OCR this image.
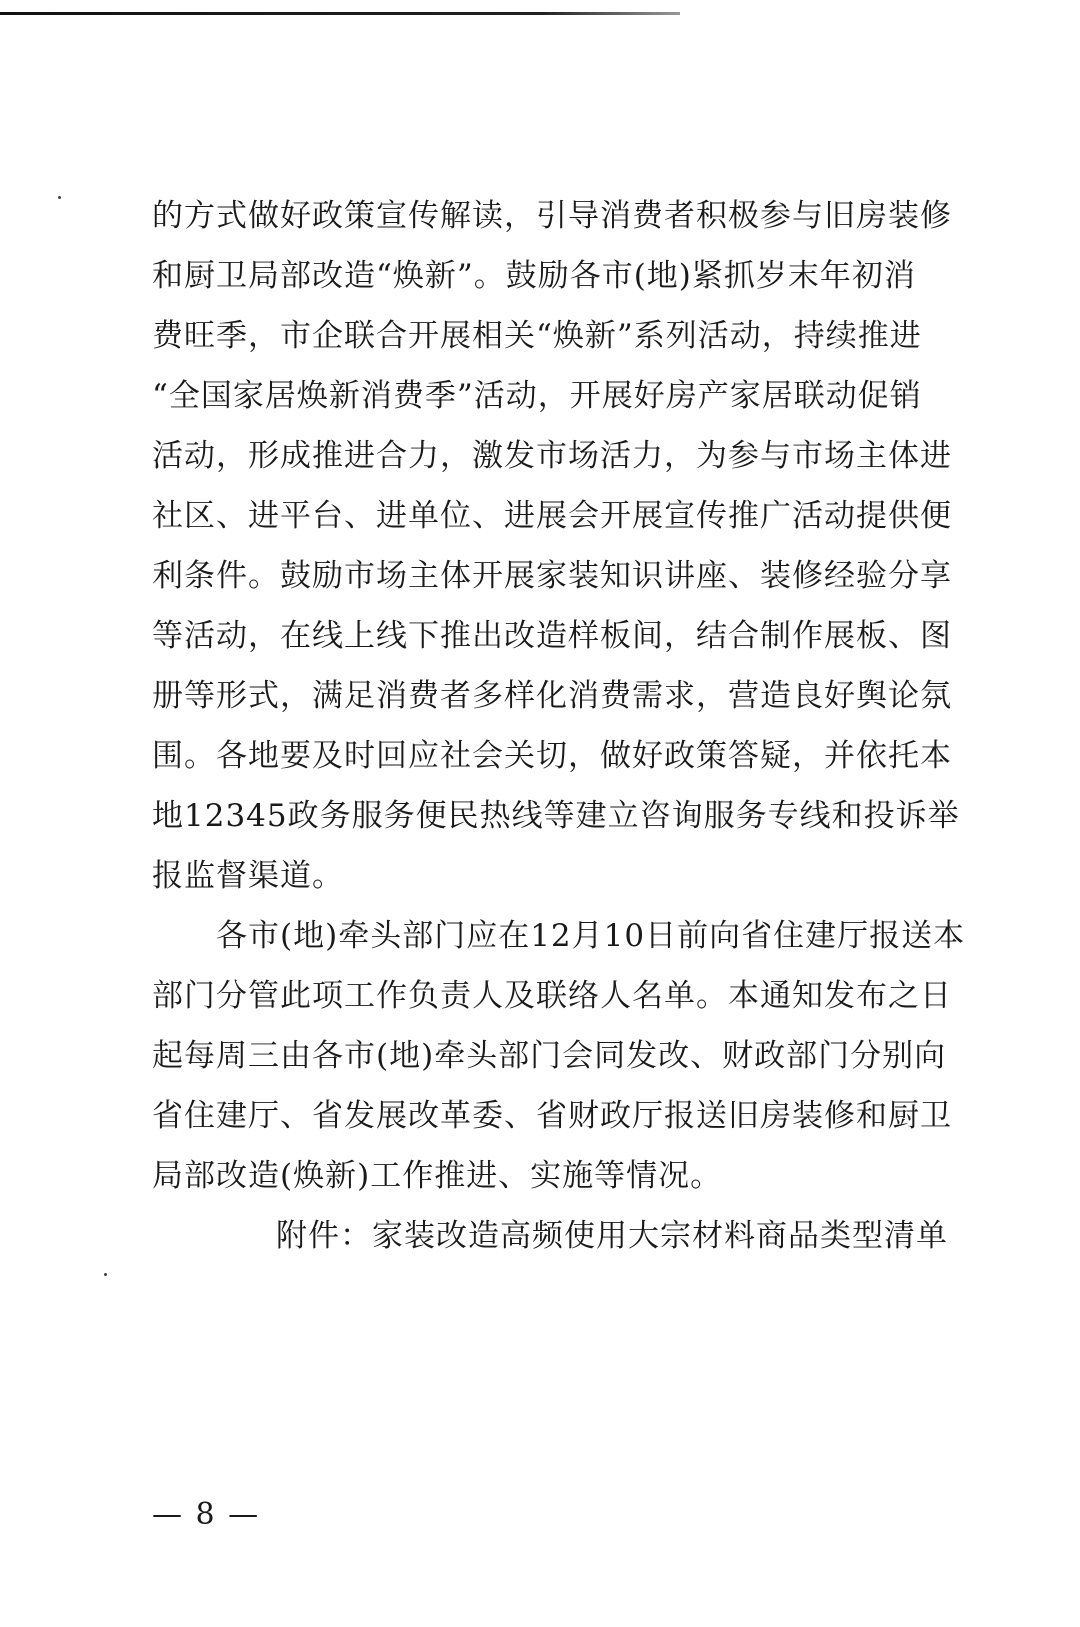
的方式做好政策宣传解读，引导消费者积极参与旧房装修
和厨卫局部改造“焕新”。鼓励各市(地)紧抓岁末年初消
费旺季，市企联合开展相关“焕新”系列活动，持续推进
“全国家居焕新消费季”活动，开展好房产家居联动促销
活动，形成推进合力，激发市场活力，为参与市场主体进
社区、进平台、进单位、进展会开展宣传推广活动提供便
利条件。鼓励市场主体开展家装知识讲座、装修经验分享
等活动，在线上线下推出改造样板间，结合制作展板、图
册等形式，满足消费者多样化消费需求，营造良好舆论氛
围。各地要及时回应社会关切，做好政策答疑，并依托本
地12345政务服务便民热线等建立咨询服务专线和投诉举
报监督渠道。
各市(地)牵头部门应在12月10日前向省住建厅报送本
部门分管此项工作负责人及联络人名单。本通知发布之日
起每周三由各市(地)牵头部门会同发改、财政部门分别向
省住建厅、省发展改革委、省财政厅报送旧房装修和厨卫
局部改造(焕新)工作推进、实施等情况。
附件：家装改造高频使用大宗材料商品类型清单
— 8 —
